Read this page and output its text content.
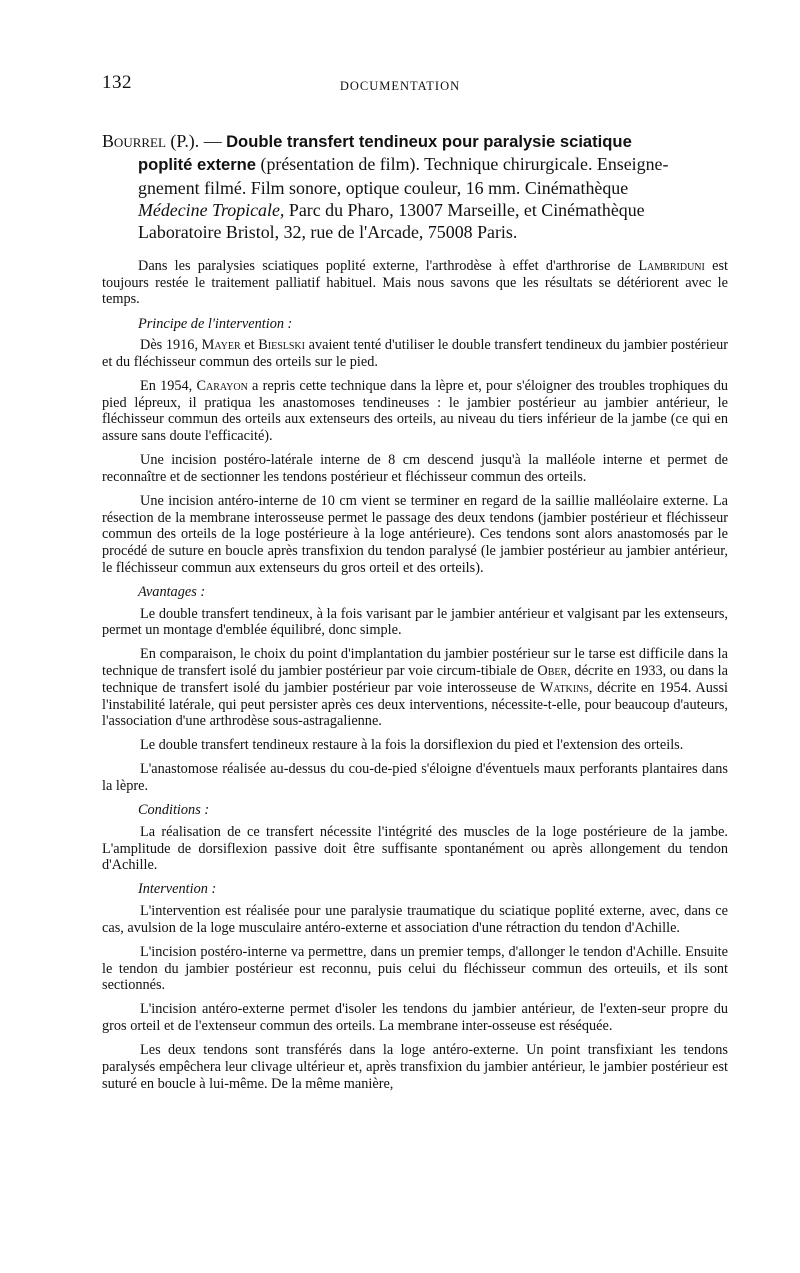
132	DOCUMENTATION
Bourrel (P.). — Double transfert tendineux pour paralysie sciatique
poplité externe (présentation de film). Technique chirurgicale. Enseigne-
gnement filmé. Film sonore, optique couleur, 16 mm. Cinémathèque
Médecine Tropicale, Parc du Pharo, 13007 Marseille, et Cinémathèque
Laboratoire Bristol, 32, rue de l'Arcade, 75008 Paris.

Dans les paralysies sciatiques poplité externe, l'arthrodèse à effet d'arthrorise de Lambriduni est toujours restée le traitement palliatif habituel. Mais nous savons que les résultats se détériorent avec le temps.

Principe de l'intervention :

Dès 1916, Mayer et Bieslski avaient tenté d'utiliser le double transfert tendineux du jambier postérieur et du fléchisseur commun des orteils sur le pied.

En 1954, Carayon a repris cette technique dans la lèpre et, pour s'éloigner des troubles trophiques du pied lépreux, il pratiqua les anastomoses tendineuses : le jambier postérieur au jambier antérieur, le fléchisseur commun des orteils aux extenseurs des orteils, au niveau du tiers inférieur de la jambe (ce qui en assure sans doute l'efficacité).

Une incision postéro-latérale interne de 8 cm descend jusqu'à la malléole interne et permet de reconnaître et de sectionner les tendons postérieur et fléchisseur commun des orteils.

Une incision antéro-interne de 10 cm vient se terminer en regard de la saillie malléolaire externe. La résection de la membrane interosseuse permet le passage des deux tendons (jambier postérieur et fléchisseur commun des orteils de la loge postérieure à la loge antérieure). Ces tendons sont alors anastomosés par le procédé de suture en boucle après transfixion du tendon paralysé (le jambier postérieur au jambier antérieur, le fléchisseur commun aux extenseurs du gros orteil et des orteils).

Avantages :

Le double transfert tendineux, à la fois varisant par le jambier antérieur et valgisant par les extenseurs, permet un montage d'emblée équilibré, donc simple.

En comparaison, le choix du point d'implantation du jambier postérieur sur le tarse est difficile dans la technique de transfert isolé du jambier postérieur par voie circum-tibiale de Ober, décrite en 1933, ou dans la technique de transfert isolé du jambier postérieur par voie interosseuse de Watkins, décrite en 1954. Aussi l'instabilité latérale, qui peut persister après ces deux interventions, nécessite-t-elle, pour beaucoup d'auteurs, l'association d'une arthrodèse sous-astragalienne.

Le double transfert tendineux restaure à la fois la dorsiflexion du pied et l'extension des orteils.

L'anastomose réalisée au-dessus du cou-de-pied s'éloigne d'éventuels maux perforants plantaires dans la lèpre.

Conditions :

La réalisation de ce transfert nécessite l'intégrité des muscles de la loge postérieure de la jambe. L'amplitude de dorsiflexion passive doit être suffisante spontanément ou après allongement du tendon d'Achille.

Intervention :

L'intervention est réalisée pour une paralysie traumatique du sciatique poplité externe, avec, dans ce cas, avulsion de la loge musculaire antéro-externe et association d'une rétraction du tendon d'Achille.

L'incision postéro-interne va permettre, dans un premier temps, d'allonger le tendon d'Achille. Ensuite le tendon du jambier postérieur est reconnu, puis celui du fléchisseur commun des orteuils, et ils sont sectionnés.

L'incision antéro-externe permet d'isoler les tendons du jambier antérieur, de l'exten-seur propre du gros orteil et de l'extenseur commun des orteils. La membrane inter-osseuse est réséquée.

Les deux tendons sont transférés dans la loge antéro-externe. Un point transfixiant les tendons paralysés empêchera leur clivage ultérieur et, après transfixion du jambier antérieur, le jambier postérieur est suturé en boucle à lui-même. De la même manière,
